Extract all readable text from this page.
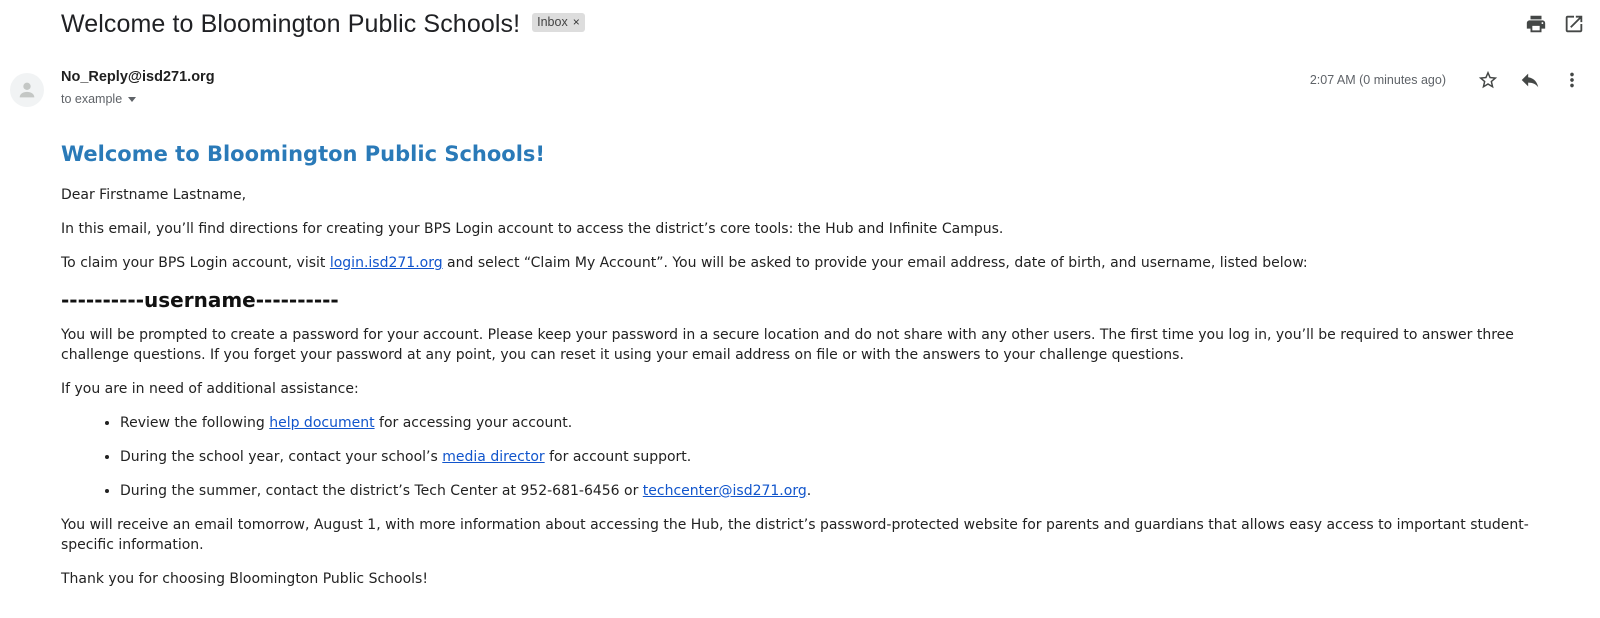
Welcome to Bloomington Public Schools! Inbox ×
No_Reply@isd271.org
to example
2:07 AM (0 minutes ago)
Welcome to Bloomington Public Schools!

Dear Firstname Lastname,

In this email, you’ll find directions for creating your BPS Login account to access the district’s core tools: the Hub and Infinite Campus.

To claim your BPS Login account, visit login.isd271.org and select “Claim My Account”. You will be asked to provide your email address, date of birth, and username, listed below:

----------username----------

You will be prompted to create a password for your account. Please keep your password in a secure location and do not share with any other users. The first time you log in, you’ll be required to answer three challenge questions. If you forget your password at any point, you can reset it using your email address on file or with the answers to your challenge questions.

If you are in need of additional assistance:

• Review the following help document for accessing your account.
• During the school year, contact your school’s media director for account support.
• During the summer, contact the district’s Tech Center at 952-681-6456 or techcenter@isd271.org.

You will receive an email tomorrow, August 1, with more information about accessing the Hub, the district’s password-protected website for parents and guardians that allows easy access to important student-specific information.

Thank you for choosing Bloomington Public Schools!
